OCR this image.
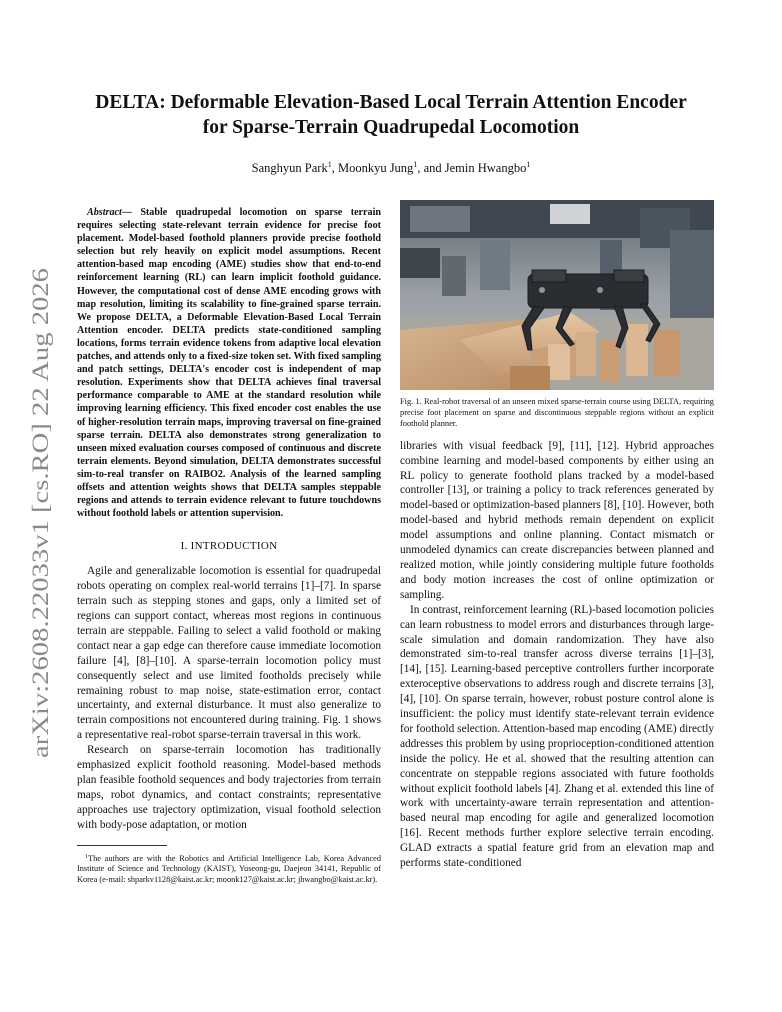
arXiv:2608.22033v1 [cs.RO] 22 Aug 2026
DELTA: Deformable Elevation-Based Local Terrain Attention Encoder
for Sparse-Terrain Quadrupedal Locomotion
Sanghyun Park$^1$, Moonkyu Jung$^1$, and Jemin Hwangbo$^1$

Abstract— Stable quadrupedal locomotion on sparse terrain requires selecting state-relevant terrain evidence for precise foot placement. Model-based foothold planners provide precise foothold selection but rely heavily on explicit model assumptions. Recent attention-based map encoding (AME) studies show that end-to-end reinforcement learning (RL) can learn implicit foothold guidance. However, the computational cost of dense AME encoding grows with map resolution, limiting its scalability to fine-grained sparse terrain. We propose DELTA, a Deformable Elevation-Based Local Terrain Attention encoder. DELTA predicts state-conditioned sampling locations, forms terrain evidence tokens from adaptive local elevation patches, and attends only to a fixed-size token set. With fixed sampling and patch settings, DELTA's encoder cost is independent of map resolution. Experiments show that DELTA achieves final traversal performance comparable to AME at the standard resolution while improving learning efficiency. This fixed encoder cost enables the use of higher-resolution terrain maps, improving traversal on fine-grained sparse terrain. DELTA also demonstrates strong generalization to unseen mixed evaluation courses composed of continuous and discrete terrain elements. Beyond simulation, DELTA demonstrates successful sim-to-real transfer on RAIBO2. Analysis of the learned sampling offsets and attention weights shows that DELTA samples steppable regions and attends to terrain evidence relevant to future touchdowns without foothold labels or attention supervision.

I. INTRODUCTION

Agile and generalizable locomotion is essential for quadrupedal robots operating on complex real-world terrains [1]–[7]. In sparse terrain such as stepping stones and gaps, only a limited set of regions can support contact, whereas most regions in continuous terrain are steppable. Failing to select a valid foothold or making contact near a gap edge can therefore cause immediate locomotion failure [4], [8]–[10]. A sparse-terrain locomotion policy must consequently select and use limited footholds precisely while remaining robust to map noise, state-estimation error, contact uncertainty, and external disturbance. It must also generalize to terrain compositions not encountered during training. Fig. 1 shows a representative real-robot sparse-terrain traversal in this work.

Research on sparse-terrain locomotion has traditionally emphasized explicit foothold reasoning. Model-based methods plan feasible foothold sequences and body trajectories from terrain maps, robot dynamics, and contact constraints; representative approaches use trajectory optimization, visual foothold selection with body-pose adaptation, or motion

$^1$The authors are with the Robotics and Artificial Intelligence Lab, Korea Advanced Institute of Science and Technology (KAIST), Yuseong-gu, Daejeon 34141, Republic of Korea (e-mail: shparkv1128@kaist.ac.kr; moonk127@kaist.ac.kr; jhwangbo@kaist.ac.kr).

Fig. 1. Real-robot traversal of an unseen mixed sparse-terrain course using DELTA, requiring precise foot placement on sparse and discontinuous steppable regions without an explicit foothold planner.

libraries with visual feedback [9], [11], [12]. Hybrid approaches combine learning and model-based components by either using an RL policy to generate foothold plans tracked by a model-based controller [13], or training a policy to track references generated by model-based or optimization-based planners [8], [10]. However, both model-based and hybrid methods remain dependent on explicit model assumptions and online planning. Contact mismatch or unmodeled dynamics can create discrepancies between planned and realized motion, while jointly considering multiple future footholds and body motion increases the cost of online optimization or sampling.

In contrast, reinforcement learning (RL)-based locomotion policies can learn robustness to model errors and disturbances through large-scale simulation and domain randomization. They have also demonstrated sim-to-real transfer across diverse terrains [1]–[3], [14], [15]. Learning-based perceptive controllers further incorporate exteroceptive observations to address rough and discrete terrains [3], [4], [10]. On sparse terrain, however, robust posture control alone is insufficient: the policy must identify state-relevant terrain evidence for foothold selection. Attention-based map encoding (AME) directly addresses this problem by using proprioception-conditioned attention inside the policy. He et al. showed that the resulting attention can concentrate on steppable regions associated with future footholds without explicit foothold labels [4]. Zhang et al. extended this line of work with uncertainty-aware terrain representation and attention-based neural map encoding for agile and generalized locomotion [16]. Recent methods further explore selective terrain encoding. GLAD extracts a spatial feature grid from an elevation map and performs state-conditioned
